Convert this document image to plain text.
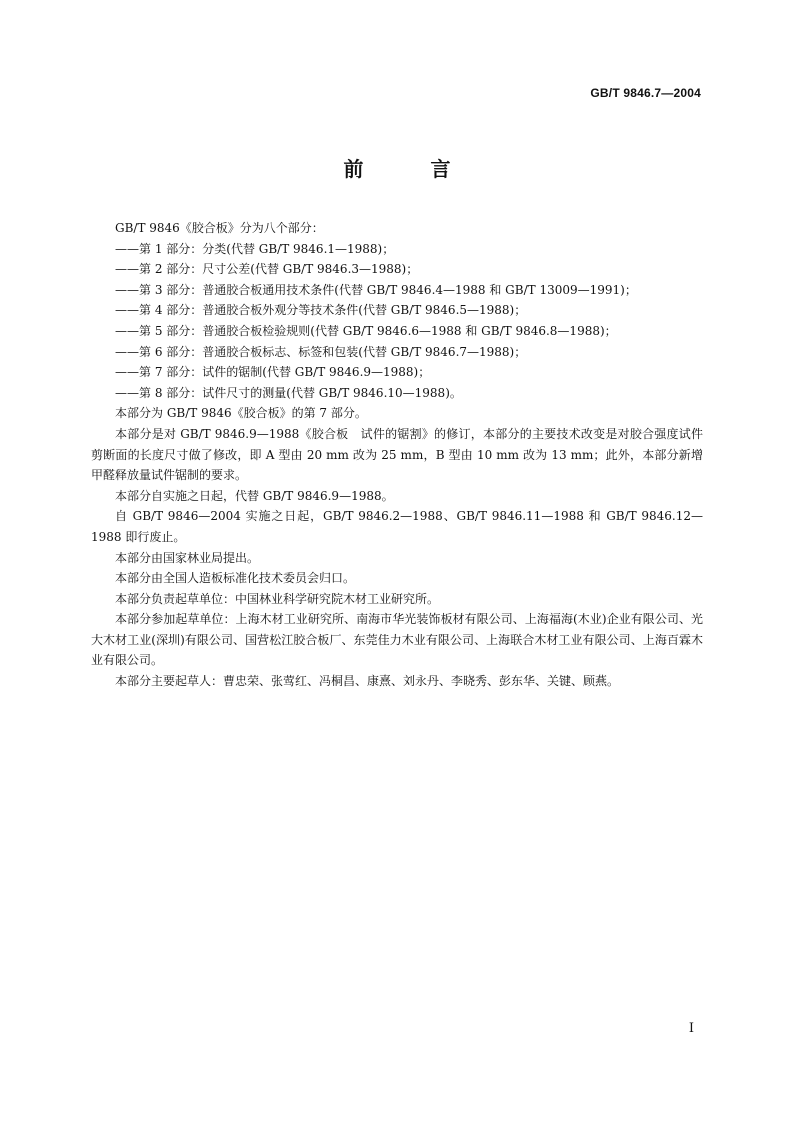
GB/T 9846.7—2004
前 言

GB/T 9846《胶合板》分为八个部分：

——第 1 部分：分类(代替 GB/T 9846.1—1988)；

——第 2 部分：尺寸公差(代替 GB/T 9846.3—1988)；

——第 3 部分：普通胶合板通用技术条件(代替 GB/T 9846.4—1988 和 GB/T 13009—1991)；

——第 4 部分：普通胶合板外观分等技术条件(代替 GB/T 9846.5—1988)；

——第 5 部分：普通胶合板检验规则(代替 GB/T 9846.6—1988 和 GB/T 9846.8—1988)；

——第 6 部分：普通胶合板标志、标签和包装(代替 GB/T 9846.7—1988)；

——第 7 部分：试件的锯制(代替 GB/T 9846.9—1988)；

——第 8 部分：试件尺寸的测量(代替 GB/T 9846.10—1988)。

本部分为 GB/T 9846《胶合板》的第 7 部分。

本部分是对 GB/T 9846.9—1988《胶合板　试件的锯割》的修订，本部分的主要技术改变是对胶合强度试件剪断面的长度尺寸做了修改，即 A 型由 20 mm 改为 25 mm，B 型由 10 mm 改为 13 mm；此外，本部分新增甲醛释放量试件锯制的要求。

本部分自实施之日起，代替 GB/T 9846.9—1988。

自 GB/T 9846—2004 实施之日起，GB/T 9846.2—1988、GB/T 9846.11—1988 和 GB/T 9846.12—1988 即行废止。

本部分由国家林业局提出。

本部分由全国人造板标准化技术委员会归口。

本部分负责起草单位：中国林业科学研究院木材工业研究所。

本部分参加起草单位：上海木材工业研究所、南海市华光装饰板材有限公司、上海福海(木业)企业有限公司、光大木材工业(深圳)有限公司、国营松江胶合板厂、东莞佳力木业有限公司、上海联合木材工业有限公司、上海百霖木业有限公司。

本部分主要起草人：曹忠荣、张莺红、冯桐昌、康熹、刘永丹、李晓秀、彭东华、关键、顾燕。

I
